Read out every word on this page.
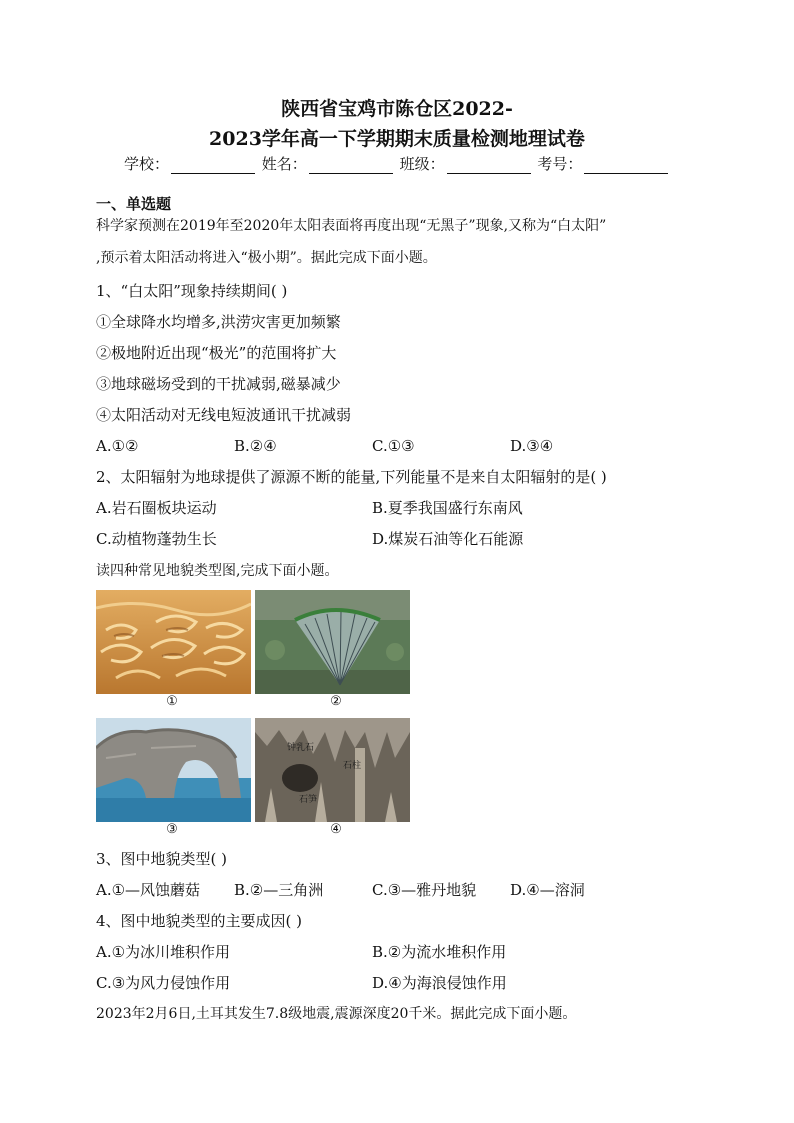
陕西省宝鸡市陈仓区2022-
2023学年高一下学期期末质量检测地理试卷
学校：	姓名：	班级：	考号：
一、单选题
科学家预测在2019年至2020年太阳表面将再度出现“无黑子”现象,又称为“白太阳”
,预示着太阳活动将进入“极小期”。据此完成下面小题。
1、“白太阳”现象持续期间( )
①全球降水均增多,洪涝灾害更加频繁
②极地附近出现“极光”的范围将扩大
③地球磁场受到的干扰减弱,磁暴减少
④太阳活动对无线电短波通讯干扰减弱
A.①②	B.②④	C.①③	D.③④
2、太阳辐射为地球提供了源源不断的能量,下列能量不是来自太阳辐射的是( )
A.岩石圈板块运动	B.夏季我国盛行东南风
C.动植物蓬勃生长	D.煤炭石油等化石能源
读四种常见地貌类型图,完成下面小题。
①	②
钟乳石
石柱
石笋
③	④
3、图中地貌类型( )
A.①—风蚀蘑菇 B.②—三角洲	C.③—雅丹地貌 D.④—溶洞
4、图中地貌类型的主要成因( )
A.①为冰川堆积作用	B.②为流水堆积作用
C.③为风力侵蚀作用	D.④为海浪侵蚀作用
2023年2月6日,土耳其发生7.8级地震,震源深度20千米。据此完成下面小题。
